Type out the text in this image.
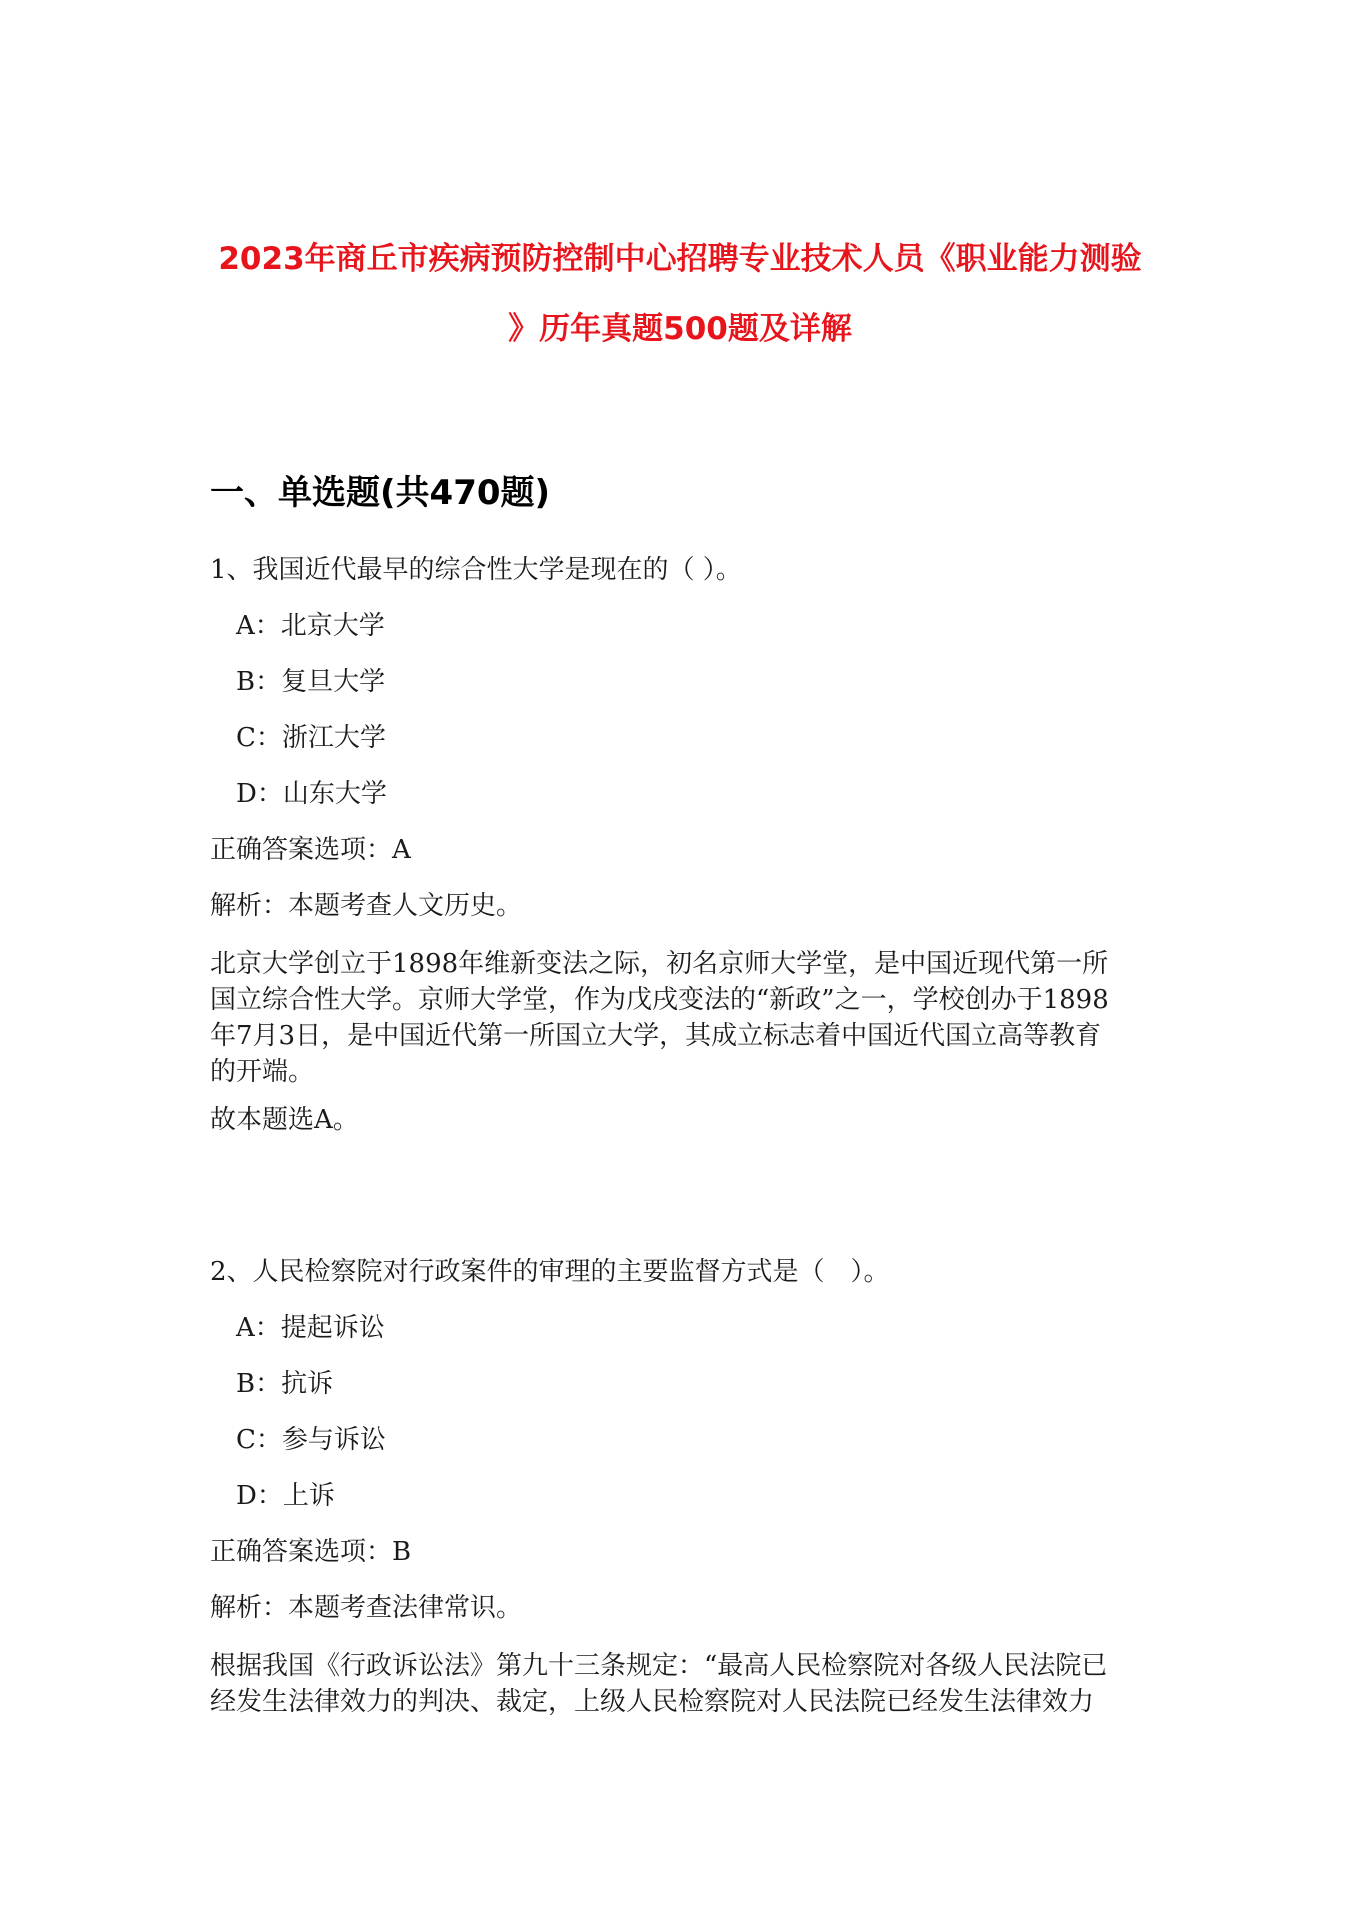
2023年商丘市疾病预防控制中心招聘专业技术人员《职业能力测验
》历年真题500题及详解
一、单选题(共470题)

1、我国近代最早的综合性大学是现在的（ ）。

A：北京大学

B：复旦大学

C：浙江大学

D：山东大学

正确答案选项：A

解析：本题考查人文历史。

北京大学创立于1898年维新变法之际，初名京师大学堂，是中国近现代第一所
国立综合性大学。京师大学堂，作为戊戌变法的“新政”之一，学校创办于1898
年7月3日，是中国近代第一所国立大学，其成立标志着中国近代国立高等教育
的开端。

故本题选A。

2、人民检察院对行政案件的审理的主要监督方式是（　）。

A：提起诉讼

B：抗诉

C：参与诉讼

D：上诉

正确答案选项：B

解析：本题考查法律常识。

根据我国《行政诉讼法》第九十三条规定：“最高人民检察院对各级人民法院已
经发生法律效力的判决、裁定，上级人民检察院对人民法院已经发生法律效力
